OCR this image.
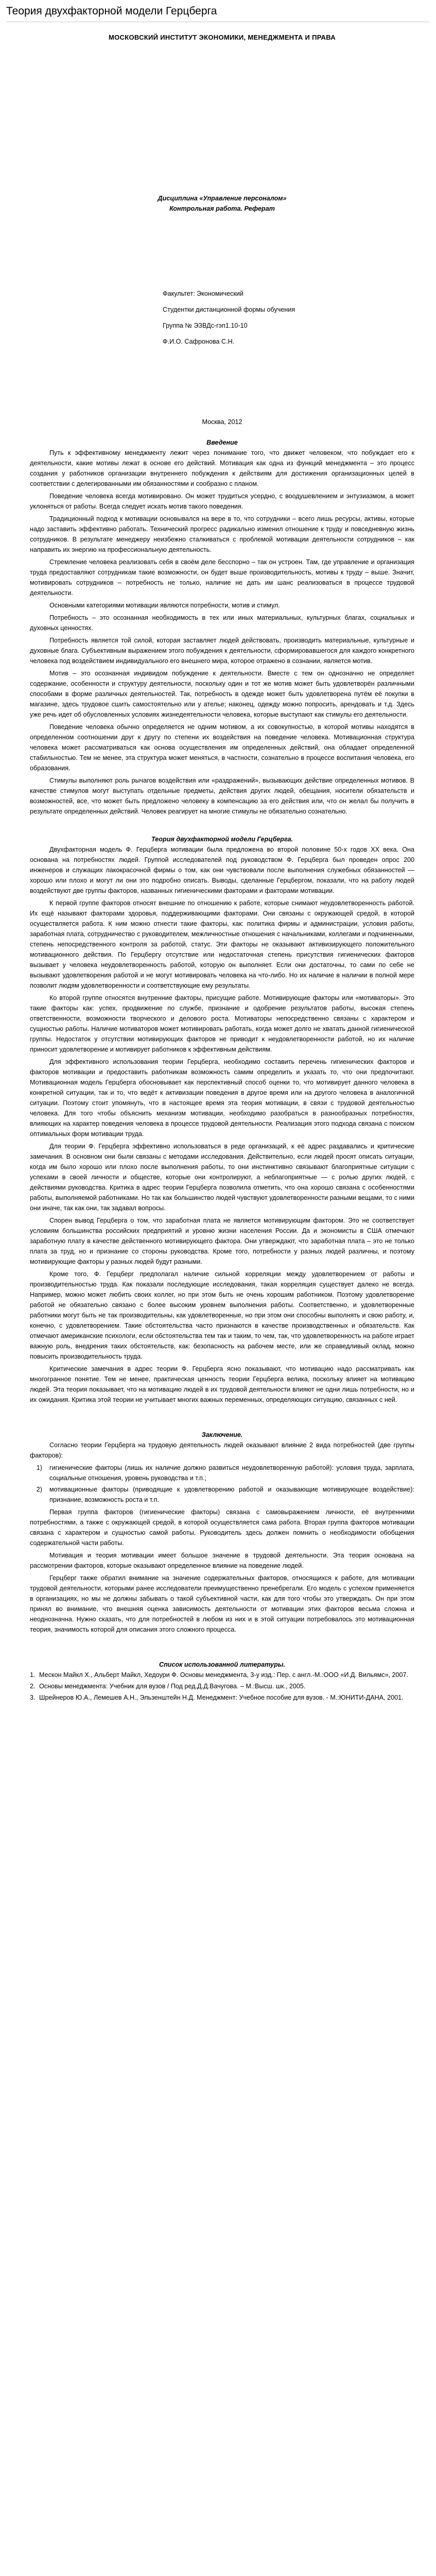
Теория двухфакторной модели Герцберга

МОСКОВСКИЙ ИНСТИТУТ ЭКОНОМИКИ, МЕНЕДЖМЕНТА И ПРАВА

Дисциплина «Управление персоналом»

Контрольная работа. Реферат

Факультет: Экономический

Студентки дистанционной формы обучения

Группа № ЭЗВДс-гэп1.10-10

Ф.И.О. Сафронова С.Н.

Москва, 2012

Введение

Путь к эффективному менеджменту лежит через понимание того, что движет человеком, что побуждает его к деятельности, какие мотивы лежат в основе его действий. Мотивация как одна из функций менеджмента – это процесс создания у работников организации внутреннего побуждения к действиям для достижения организационных целей в соответствии с делегированными им обязанностями и сообразно с планом.

Поведение человека всегда мотивировано. Он может трудиться усердно, с воодушевлением и энтузиазмом, а может уклоняться от работы. Всегда следует искать мотив такого поведения.

Традиционный подход к мотивации основывался на вере в то, что сотрудники – всего лишь ресурсы, активы, которые надо заставить эффективно работать. Технический прогресс радикально изменил отношение к труду и повседневную жизнь сотрудников. В результате менеджеру неизбежно сталкиваться с проблемой мотивации деятельности сотрудников – как направить их энергию на профессиональную деятельность.

Стремление человека реализовать себя в своём деле бесспорно – так он устроен. Там, где управление и организация труда предоставляют сотрудникам такие возможности, он будет выше производительность, мотивы к труду – выше. Значит, мотивировать сотрудников – потребность не только, наличие не дать им шанс реализоваться в процессе трудовой деятельности.

Основными категориями мотивации являются потребности, мотив и стимул.

Потребность – это осознанная необходимость в тех или иных материальных, культурных благах, социальных и духовных ценностях.

Потребность является той силой, которая заставляет людей действовать, производить материальные, культурные и духовные блага. Субъективным выражением этого побуждения к деятельности, сформировавшегося для каждого конкретного человека под воздействием индивидуального его внешнего мира, которое отражено в сознании, является мотив.

Мотив – это осознанная индивидом побуждение к деятельности. Вместе с тем он однозначно не определяет содержание, особенности и структуру деятельности, поскольку один и тот же мотив может быть удовлетворён различными способами в форме различных деятельностей. Так, потребность в одежде может быть удовлетворена путём её покупки в магазине, здесь трудовое сшить самостоятельно или у ателье; наконец, одежду можно попросить, арендовать и т.д. Здесь уже речь идет об обусловленных условиях жизнедеятельности человека, которые выступают как стимулы его деятельности.

Поведение человека обычно определяется не одним мотивом, а их совокупностью, в которой мотивы находятся в определенном соотношении друг к другу по степени их воздействия на поведение человека. Мотивационная структура человека может рассматриваться как основа осуществления им определенных действий, она обладает определенной стабильностью. Тем не менее, эта структура может меняться, в частности, сознательно в процессе воспитания человека, его образования.

Стимулы выполняют роль рычагов воздействия или «раздражений», вызывающих действие определенных мотивов. В качестве стимулов могут выступать отдельные предметы, действия других людей, обещания, носители обязательств и возможностей, все, что может быть предложено человеку в компенсацию за его действия или, что он желал бы получить в результате определенных действий. Человек реагирует на многие стимулы не обязательно сознательно.

Теория двухфакторной модели Герцберга.

Двухфакторная модель Ф. Герцберга мотивации была предложена во второй половине 50-х годов XX века. Она основана на потребностях людей. Группой исследователей под руководством Ф. Герцберга был проведен опрос 200 инженеров и служащих лакокрасочной фирмы о том, как они чувствовали после выполнения служебных обязанностей — хорошо или плохо и могут ли они это подробно описать. Выводы, сделанные Герцбергом, показали, что на работу людей воздействуют две группы факторов, названных гигиеническими факторами и факторами мотивации.

К первой группе факторов относят внешние по отношению к работе, которые снимают неудовлетворенность работой. Их ещё называют факторами здоровья, поддерживающими факторами. Они связаны с окружающей средой, в которой осуществляется работа. К ним можно отнести такие факторы, как: политика фирмы и администрации, условия работы, заработная плата, сотрудничество с руководителем, межличностные отношения с начальниками, коллегами и подчиненными, степень непосредственного контроля за работой, статус. Эти факторы не оказывают активизирующего положительного мотивационного действия. По Герцбергу отсутствие или недостаточная степень присутствия гигиенических факторов вызывает у человека неудовлетворенность работой, которую он выполняет. Если они достаточны, то сами по себе не вызывают удовлетворения работой и не могут мотивировать человека на что-либо. Но их наличие в наличии в полной мере позволит людям удовлетворенности и соответствующие ему результаты.

Ко второй группе относятся внутренние факторы, присущие работе. Мотивирующие факторы или «мотиваторы». Это такие факторы как: успех, продвижение по службе, признание и одобрение результатов работы, высокая степень ответственности, возможности творческого и делового роста. Мотиваторы непосредственно связаны с характером и сущностью работы. Наличие мотиваторов может мотивировать работать, когда может долго не хватать данной гигиенической группы. Недостаток у отсутствии мотивирующих факторов не приводит к неудовлетворенности работой, но их наличие приносит удовлетворение и мотивирует работников к эффективным действиям.

Для эффективного использования теории Герцберга, необходимо составить перечень гигиенических факторов и факторов мотивации и предоставить работникам возможность самим определить и указать то, что они предпочитают. Мотивационная модель Герцберга обосновывает как перспективный способ оценки то, что мотивирует данного человека в конкретной ситуации, так и то, что ведёт к активизации поведения в другое время или на другого человека в аналогичной ситуации. Поэтому стоит упомянуть, что в настоящее время эта теория мотивации, в связи с трудовой деятельностью человека. Для того чтобы объяснить механизм мотивации, необходимо разобраться в разнообразных потребностях, влияющих на характер поведения человека в процессе трудовой деятельности. Реализация этого подхода связана с поиском оптимальных форм мотивации труда.

Для теории Ф. Герцберга эффективно использоваться в реде организаций, к её адрес раздавались и критические замечания. В основном они были связаны с методами исследования. Действительно, если людей просят описать ситуации, когда им было хорошо или плохо после выполнения работы, то они инстинктивно связывают благоприятные ситуации с успехами в своей личности и обществе, которые они контролируют, а неблагоприятные — с ролью других людей, с действиями руководства. Критика в адрес теории Герцберга позволила отметить, что она хорошо связана с особенностями работы, выполняемой работниками. Но так как большинство людей чувствуют удовлетворенности разными вещами, то с ними они иначе, так как они, так задавал вопросы.

Спорен вывод Герцберга о том, что заработная плата не является мотивирующим фактором. Это не соответствует условиям большинства российских предприятий и уровню жизни населения России. Да и экономисты в США отмечают заработную плату в качестве действенного мотивирующего фактора. Они утверждают, что заработная плата – это не только плата за труд, но и признание со стороны руководства. Кроме того, потребности у разных людей различны, и поэтому мотивирующие факторы у разных людей будут разными.

Кроме того, Ф. Герцберг предполагал наличие сильной корреляции между удовлетворением от работы и производительностью труда. Как показали последующие исследования, такая корреляция существует далеко не всегда. Например, можно может любить своих коллег, но при этом быть не очень хорошим работником. Поэтому удовлетворение работой не обязательно связано с более высоким уровнем выполнения работы. Соответственно, и удовлетворенные работники могут быть не так производительны, как удовлетворенные, но при этом они способны выполнять и свою работу, и, конечно, с удовлетворением. Такие обстоятельства часто признаются в качестве производственных и обязательств. Как отмечают американские психологи, если обстоятельства тем так и таким, то чем, так, что удовлетворенность на работе играет важную роль, внедрения таких обстоятельств, как: безопасность на рабочем месте, или же справедливый оклад, можно повысить производительность труда.

Критические замечания в адрес теории Ф. Герцберга ясно показывают, что мотивацию надо рассматривать как многогранное понятие. Тем не менее, практическая ценность теории Герцберга велика, поскольку влияет на мотивацию людей. Эта теория показывает, что на мотивацию людей в их трудовой деятельности влияют не одни лишь потребности, но и их ожидания. Критика этой теории не учитывает многих важных переменных, определяющих ситуацию, связанных с ней.

Заключение.

Согласно теории Герцберга на трудовую деятельность людей оказывают влияние 2 вида потребностей (две группы факторов):

1)	гигиенические факторы (лишь их наличие должно развиться неудовлетворенную работой): условия труда, зарплата, социальные отношения, уровень руководства и т.п.;
2)	мотивационные факторы (приводящие к удовлетворению работой и оказывающие мотивирующее воздействие): признание, возможность роста и т.п.

Первая группа факторов (гигиенические факторы) связана с самовыражением личности, её внутренними потребностями, а также с окружающей средой, в которой осуществляется сама работа. Вторая группа факторов мотивации связана с характером и сущностью самой работы. Руководитель здесь должен помнить о необходимости обобщения содержательной части работы.

Мотивация и теория мотивации имеет большое значение в трудовой деятельности. Эта теория основана на рассмотрении факторов, которые оказывают определенное влияние на поведение людей.

Герцберг также обратил внимание на значение содержательных факторов, относящихся к работе, для мотивации трудовой деятельности, которыми ранее исследователи преимущественно пренебрегали. Его модель с успехом применяется в организациях, но мы не должны забывать о такой субъективной части, как для того чтобы это утверждать. Он при этом принял во внимание, что внешняя оценка зависимость деятельности от мотивации этих факторов весьма сложна и неоднозначна. Нужно сказать, что для потребностей в любом из них и в этой ситуации потребовалось это мотивационная теория, значимость которой для описания этого сложного процесса.

Список использованной литературы.

1. Мескон Майкл Х., Альберт Майкл, Хедоури Ф. Основы менеджмента, 3-у изд.: Пер. с англ.-М.:ООО «И.Д. Вильямс», 2007.
2. Основы менеджмента: Учебник для вузов / Под ред.Д.Д.Вачугова. – М.:Высш. шк., 2005.
3. Шрейнеров Ю.А., Лемешев А.Н., Эльзенштейн Н.Д. Менеджмент: Учебное пособие для вузов. - М.:ЮНИТИ-ДАНА, 2001.
